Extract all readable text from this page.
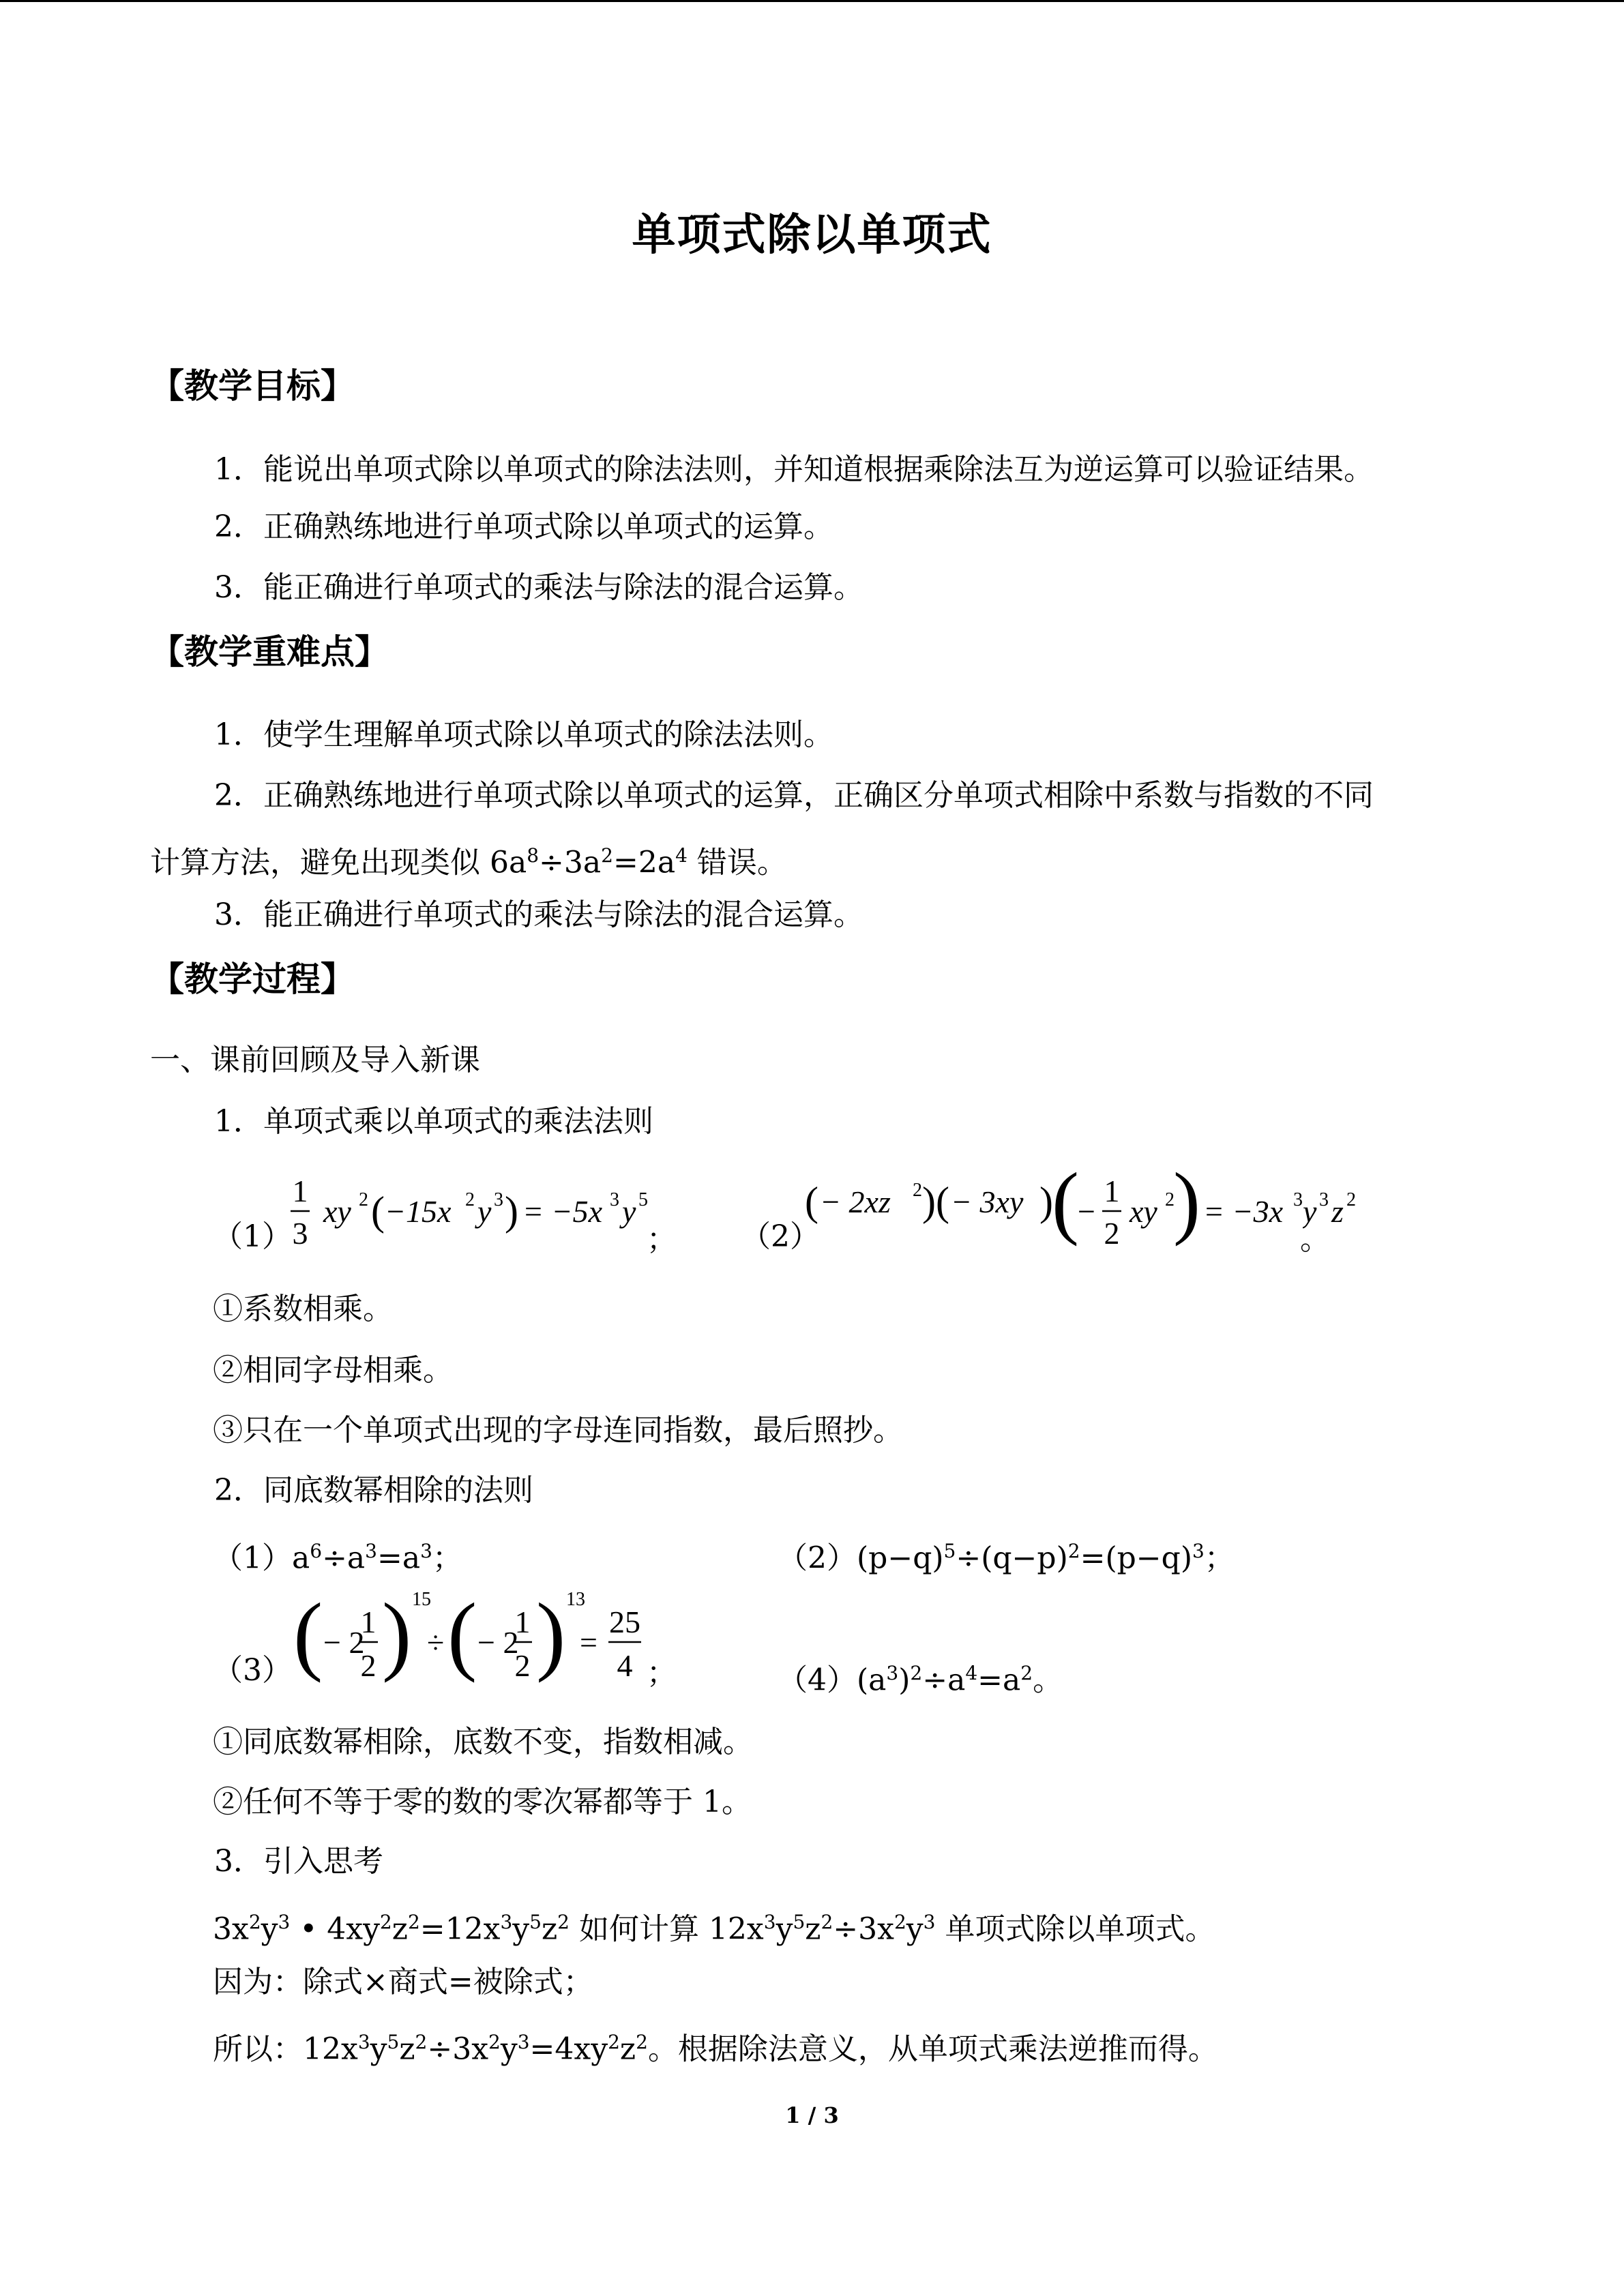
单项式除以单项式
【教学目标】
1．能说出单项式除以单项式的除法法则，并知道根据乘除法互为逆运算可以验证结果。
2．正确熟练地进行单项式除以单项式的运算。
3．能正确进行单项式的乘法与除法的混合运算。
【教学重难点】
1．使学生理解单项式除以单项式的除法法则。
2．正确熟练地进行单项式除以单项式的运算，正确区分单项式相除中系数与指数的不同
计算方法，避免出现类似 $6a^8\div 3a^2=2a^4$ 错误。
3．能正确进行单项式的乘法与除法的混合运算。
【教学过程】
一、课前回顾及导入新课
1．单项式乘以单项式的乘法法则
（1）
1
3
xy 2 ( −15x 2 y 3 ) = −5x 3 y 5
； （2）
( − 2xz 2 )( − 3xy )
(
−
1
2
xy 2
) = −3x 3 y 3 z 2
。
①系数相乘。
②相同字母相乘。
③只在一个单项式出现的字母连同指数，最后照抄。
2．同底数幂相除的法则
$(1)a^6\div a^3=a^3$；	$(2)(p-q)^5\div(q-p)^2=(p-q)^3$；
（3） ( − 2
1
2 ) 15
÷ ( − 2
1
2 ) 13
=
25
4 ；	$(4)(a^3)^2\div a^4=a^2$。
①同底数幂相除，底数不变，指数相减。
②任何不等于零的数的零次幂都等于 1。
3．引入思考
$3x^2y^3$ • $4xy^2z^2=12x^3y^5z^2$ 如何计算 $12x^3y^5z^2\div 3x^2y^3$ 单项式除以单项式。
因为：除式×商式=被除式；
所以：$12x^3y^5z^2\div 3x^2y^3=4xy^2z^2$。根据除法意义，从单项式乘法逆推而得。
1 / 3
